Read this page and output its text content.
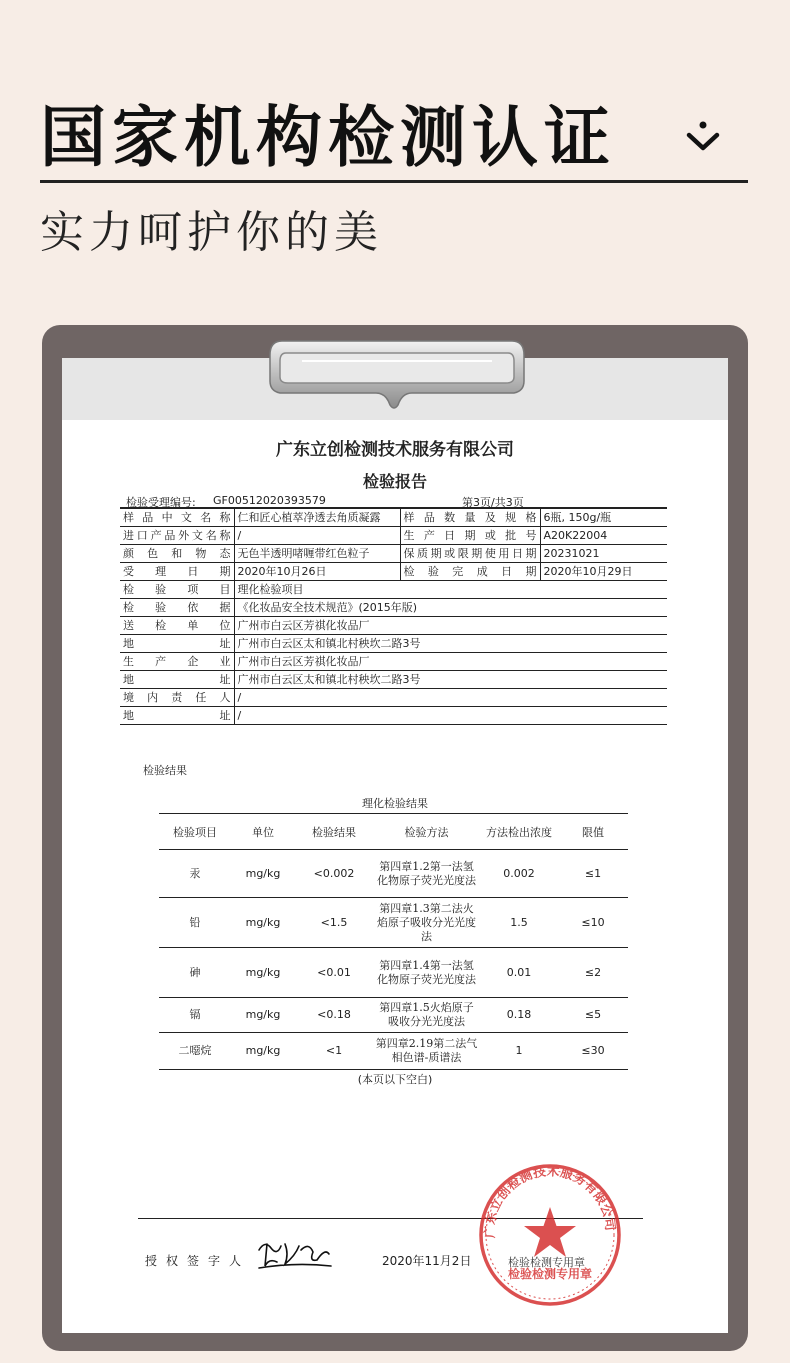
国家机构检测认证
实力呵护你的美
广东立创检测技术服务有限公司
检验报告
检验受理编号: GF00512020393579	第3页/共3页
样品中文名称	仁和匠心植萃净透去角质凝露	样品数量及规格	6瓶, 150g/瓶
进口产品外文名称	/	生产日期或批号	A20K22004
颜色和物态	无色半透明啫喱带红色粒子	保质期或限期使用日期	20231021
受理日期	2020年10月26日	检验完成日期	2020年10月29日
检验项目	理化检验项目		
检验依据	《化妆品安全技术规范》(2015年版)		
送检单位	广州市白云区芳祺化妆品厂		
地址	广州市白云区太和镇北村秧坎二路3号		
生产企业	广州市白云区芳祺化妆品厂		
地址	广州市白云区太和镇北村秧坎二路3号		
境内责任人	/		
地址	/		
检验结果
理化检验结果
检验项目	单位	检验结果	检验方法	方法检出浓度	限值
汞	mg/kg	<0.002	第四章1.2第一法氢化物原子荧光光度法	0.002	≤1
铅	mg/kg	<1.5	第四章1.3第二法火焰原子吸收分光光度法	1.5	≤10
砷	mg/kg	<0.01	第四章1.4第一法氢化物原子荧光光度法	0.01	≤2
镉	mg/kg	<0.18	第四章1.5火焰原子吸收分光光度法	0.18	≤5
二噁烷	mg/kg	<1	第四章2.19第二法气相色谱-质谱法	1	≤30
(本页以下空白)
授权签字人	2020年11月2日	检验检测专用章
广东立创检测技术服务有限公司
检验检测专用章
